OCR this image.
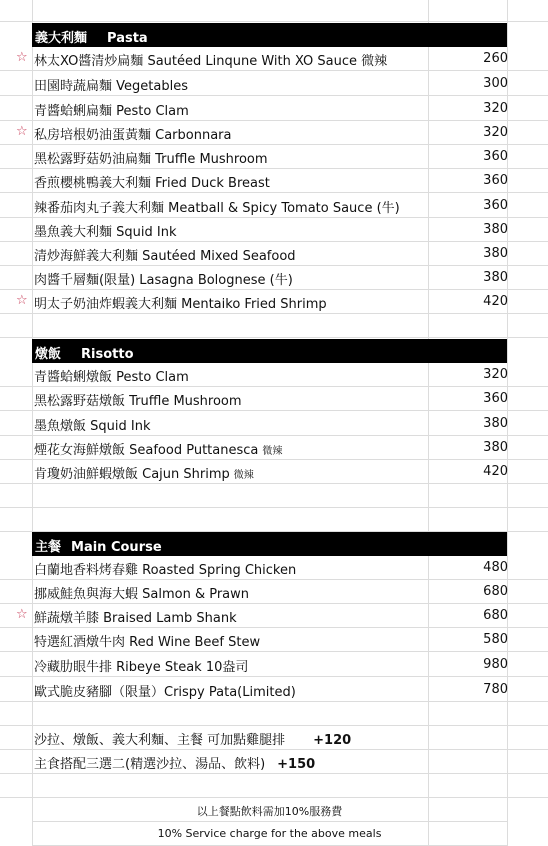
義大利麵 Pasta
☆ 林太XO醬清炒扁麵 Sautéed Linqune With XO Sauce 微辣	260
田園時蔬扁麵 Vegetables	300
青醬蛤蜊扁麵 Pesto Clam	320
☆ 私房培根奶油蛋黃麵 Carbonnara	320
黑松露野菇奶油扁麵 Truffle Mushroom	360
香煎櫻桃鴨義大利麵 Fried Duck Breast	360
辣番茄肉丸子義大利麵 Meatball & Spicy Tomato Sauce (牛)	360
墨魚義大利麵 Squid Ink	380
清炒海鮮義大利麵 Sautéed Mixed Seafood	380
肉醬千層麵(限量) Lasagna Bolognese (牛)	380
☆ 明太子奶油炸蝦義大利麵 Mentaiko Fried Shrimp	420
燉飯 Risotto
青醬蛤蜊燉飯 Pesto Clam	320
黑松露野菇燉飯 Truffle Mushroom	360
墨魚燉飯 Squid Ink	380
煙花女海鮮燉飯 Seafood Puttanesca 微辣	380
肯瓊奶油鮮蝦燉飯 Cajun Shrimp 微辣	420
主餐 Main Course
白蘭地香料烤春雞 Roasted Spring Chicken	480
挪威鮭魚與海大蝦 Salmon & Prawn	680
☆ 鮮蔬燉羊膝 Braised Lamb Shank	680
特選紅酒燉牛肉 Red Wine Beef Stew	580
冷藏肋眼牛排 Ribeye Steak 10盎司	980
歐式脆皮豬腳（限量）Crispy Pata(Limited)	780
沙拉、燉飯、義大利麵、主餐 可加點雞腿排 +120
主食搭配三選二(精選沙拉、湯品、飲料) +150
以上餐點飲料需加10%服務費
10% Service charge for the above meals
